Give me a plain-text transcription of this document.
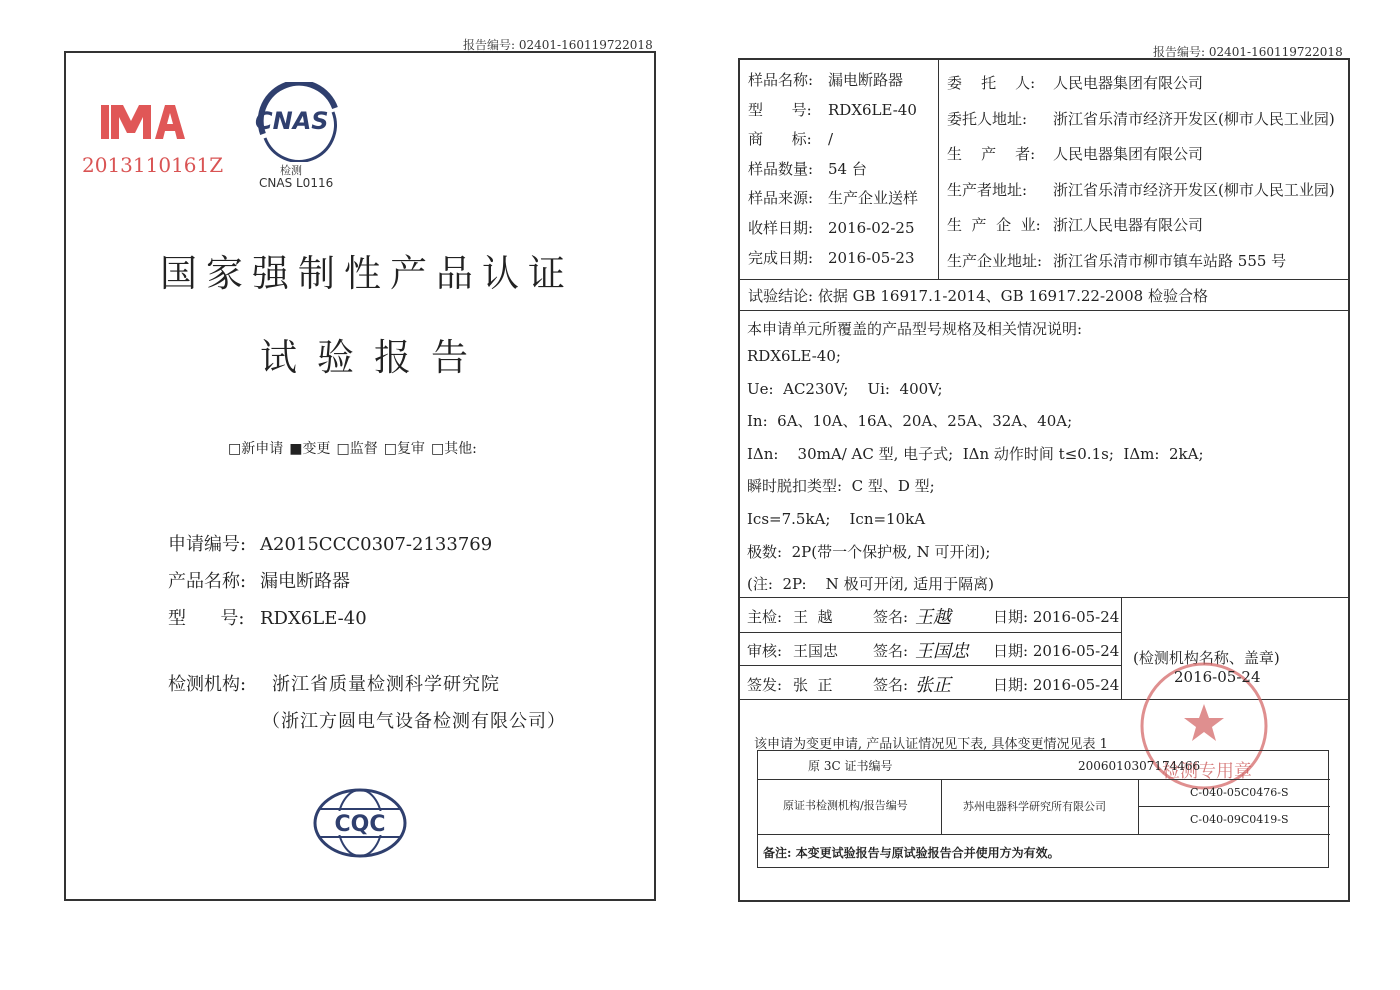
报告编号: 02401-160119722018
2013110161Z
CNAS
检测
CNAS L0116
国家强制性产品认证
试验报告
□新申请 ■变更 □监督 □复审 □其他:
申请编号: A2015CCC0307-2133769
产品名称: 漏电断路器
型      号: RDX6LE-40
检测机构: 浙江省质量检测科学研究院
（浙江方圆电气设备检测有限公司）
CQC
报告编号: 02401-160119722018
样品名称: 漏电断路器
型      号: RDX6LE-40
商      标: /
样品数量: 54 台
样品来源: 生产企业送样
收样日期: 2016-02-25
完成日期: 2016-05-23
委    托    人: 人民电器集团有限公司
委托人地址: 浙江省乐清市经济开发区(柳市人民工业园)
生    产    者: 人民电器集团有限公司
生产者地址: 浙江省乐清市经济开发区(柳市人民工业园)
生  产  企  业: 浙江人民电器有限公司
生产企业地址: 浙江省乐清市柳市镇车站路 555 号
试验结论: 依据 GB 16917.1-2014、GB 16917.22-2008 检验合格
本申请单元所覆盖的产品型号规格及相关情况说明:
RDX6LE-40;
Ue:  AC230V;    Ui:  400V;
In:  6A、10A、16A、20A、25A、32A、40A;
IΔn:    30mA/ AC 型, 电子式;  IΔn 动作时间 t≤0.1s;  IΔm:  2kA;
瞬时脱扣类型:  C 型、D 型;
Ics=7.5kA;    Icn=10kA
极数:  2P(带一个保护极, N 可开闭);
(注:  2P:    N 极可开闭, 适用于隔离)
主检: 王  越	签名: 王越	日期: 2016-05-24
审核: 王国忠 签名: 王国忠 日期: 2016-05-24
签发: 张  正	签名: 张正	日期: 2016-05-24
(检测机构名称、盖章)
2016-05-24
检测专用章
该申请为变更申请, 产品认证情况见下表, 具体变更情况见表 1
原 3C 证书编号	2006010307174466
原证书检测机构/报告编号	苏州电器科学研究所有限公司
C-040-05C0476-S
C-040-09C0419-S
备注: 本变更试验报告与原试验报告合并使用方为有效。
